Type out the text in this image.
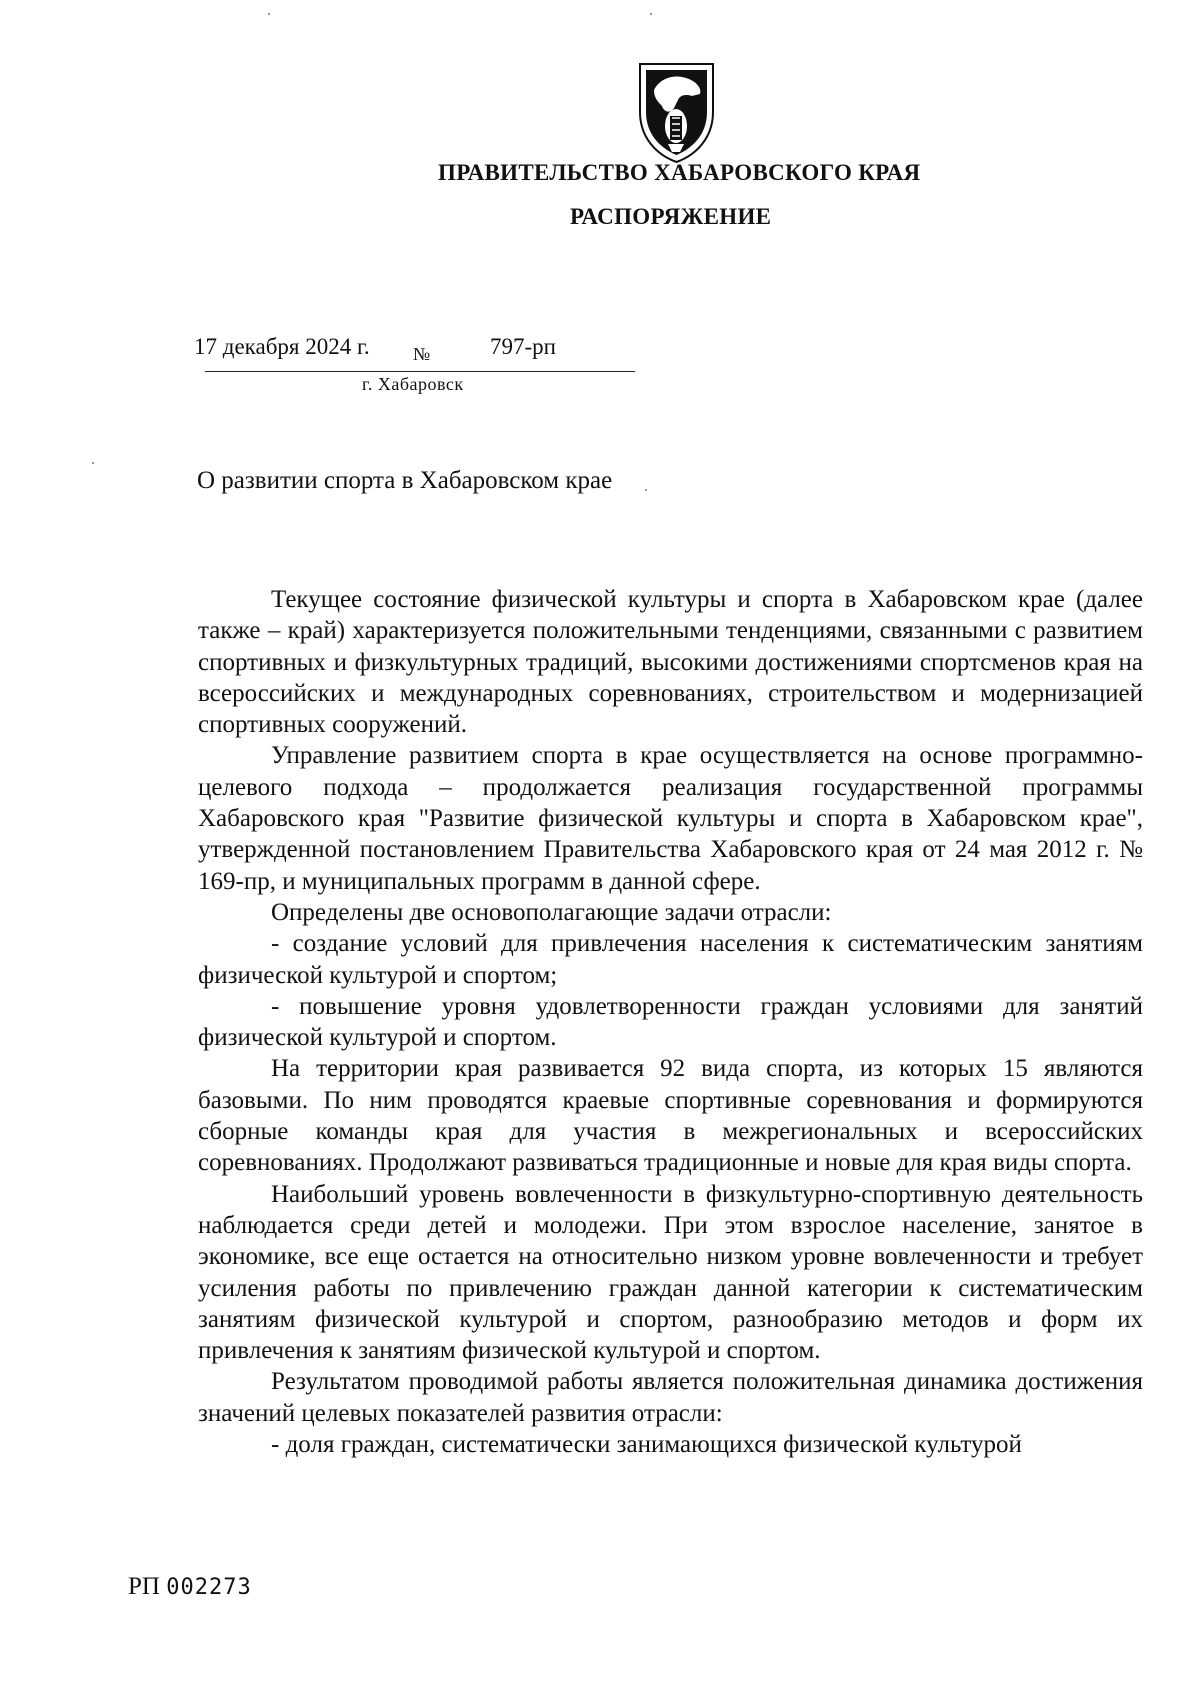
ПРАВИТЕЛЬСТВО ХАБАРОВСКОГО КРАЯ
РАСПОРЯЖЕНИЕ
17 декабря 2024 г. №	797-рп
г. Хабаровск
О развитии спорта в Хабаровском крае

Текущее состояние физической культуры и спорта в Хабаровском крае (далее также – край) характеризуется положительными тенденциями, связанными с развитием спортивных и физкультурных традиций, высокими достижениями спортсменов края на всероссийских и международных соревнованиях, строительством и модернизацией спортивных сооружений.

Управление развитием спорта в крае осуществляется на основе программно-целевого подхода – продолжается реализация государственной программы Хабаровского края "Развитие физической культуры и спорта в Хабаровском крае", утвержденной постановлением Правительства Хабаровского края от 24 мая 2012 г. № 169-пр, и муниципальных программ в данной сфере.

Определены две основополагающие задачи отрасли:

- создание условий для привлечения населения к систематическим занятиям физической культурой и спортом;

- повышение уровня удовлетворенности граждан условиями для занятий физической культурой и спортом.

На территории края развивается 92 вида спорта, из которых 15 являются базовыми. По ним проводятся краевые спортивные соревнования и формируются сборные команды края для участия в межрегиональных и всероссийских соревнованиях. Продолжают развиваться традиционные и новые для края виды спорта.

Наибольший уровень вовлеченности в физкультурно-спортивную деятельность наблюдается среди детей и молодежи. При этом взрослое население, занятое в экономике, все еще остается на относительно низком уровне вовлеченности и требует усиления работы по привлечению граждан данной категории к систематическим занятиям физической культурой и спортом, разнообразию методов и форм их привлечения к занятиям физической культурой и спортом.

Результатом проводимой работы является положительная динамика достижения значений целевых показателей развития отрасли:

- доля граждан, систематически занимающихся физической культурой

РП 002273
